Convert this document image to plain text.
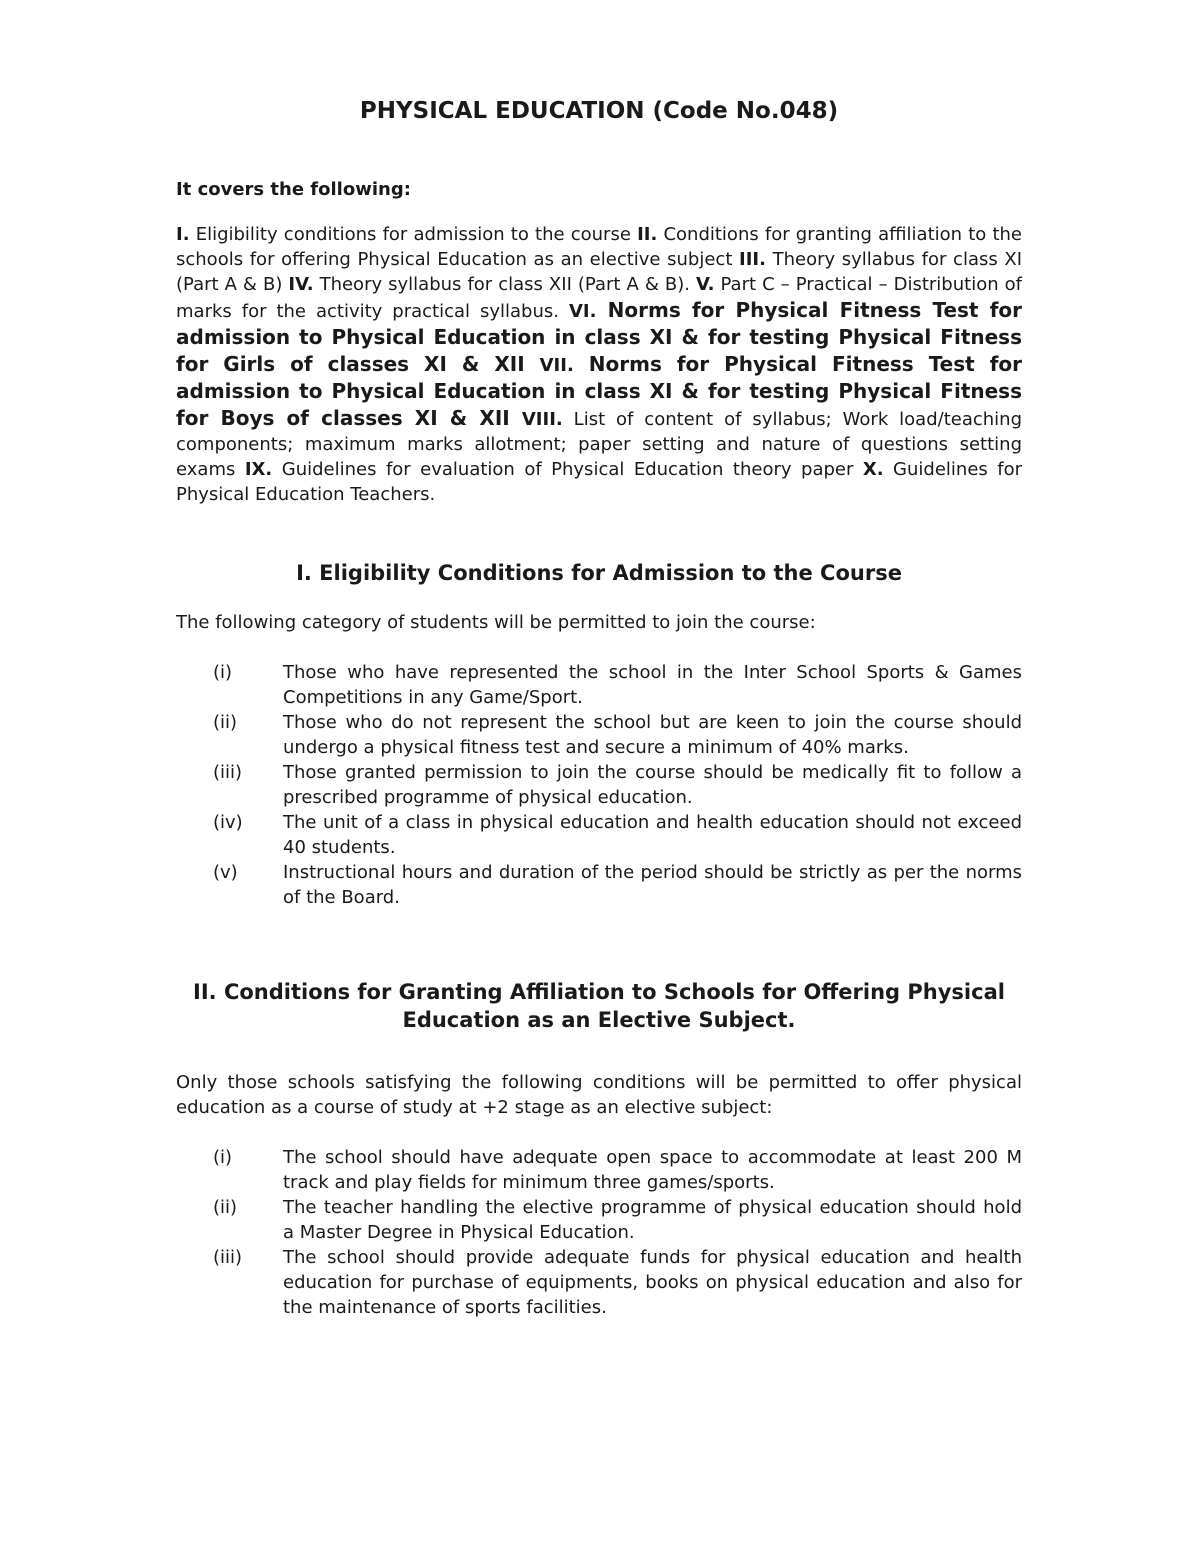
PHYSICAL EDUCATION (Code No.048)

It covers the following:

I. Eligibility conditions for admission to the course II. Conditions for granting affiliation to the schools for offering Physical Education as an elective subject III. Theory syllabus for class XI (Part A & B) IV. Theory syllabus for class XII (Part A & B). V. Part C – Practical – Distribution of marks for the activity practical syllabus. VI. Norms for Physical Fitness Test for admission to Physical Education in class XI & for testing Physical Fitness for Girls of classes XI & XII VII. Norms for Physical Fitness Test for admission to Physical Education in class XI & for testing Physical Fitness for Boys of classes XI & XII VIII. List of content of syllabus; Work load/teaching components; maximum marks allotment; paper setting and nature of questions setting exams IX. Guidelines for evaluation of Physical Education theory paper X. Guidelines for Physical Education Teachers.

I. Eligibility Conditions for Admission to the Course

The following category of students will be permitted to join the course:

(i)	Those who have represented the school in the Inter School Sports & Games Competitions in any Game/Sport.
(ii)	Those who do not represent the school but are keen to join the course should undergo a physical fitness test and secure a minimum of 40% marks.
(iii)	Those granted permission to join the course should be medically fit to follow a prescribed programme of physical education.
(iv)	The unit of a class in physical education and health education should not exceed 40 students.
(v)	Instructional hours and duration of the period should be strictly as per the norms of the Board.
II. Conditions for Granting Affiliation to Schools for Offering Physical Education as an Elective Subject.

Only those schools satisfying the following conditions will be permitted to offer physical education as a course of study at +2 stage as an elective subject:

(i)	The school should have adequate open space to accommodate at least 200 M track and play fields for minimum three games/sports.
(ii)	The teacher handling the elective programme of physical education should hold a Master Degree in Physical Education.
(iii)	The school should provide adequate funds for physical education and health education for purchase of equipments, books on physical education and also for the maintenance of sports facilities.
